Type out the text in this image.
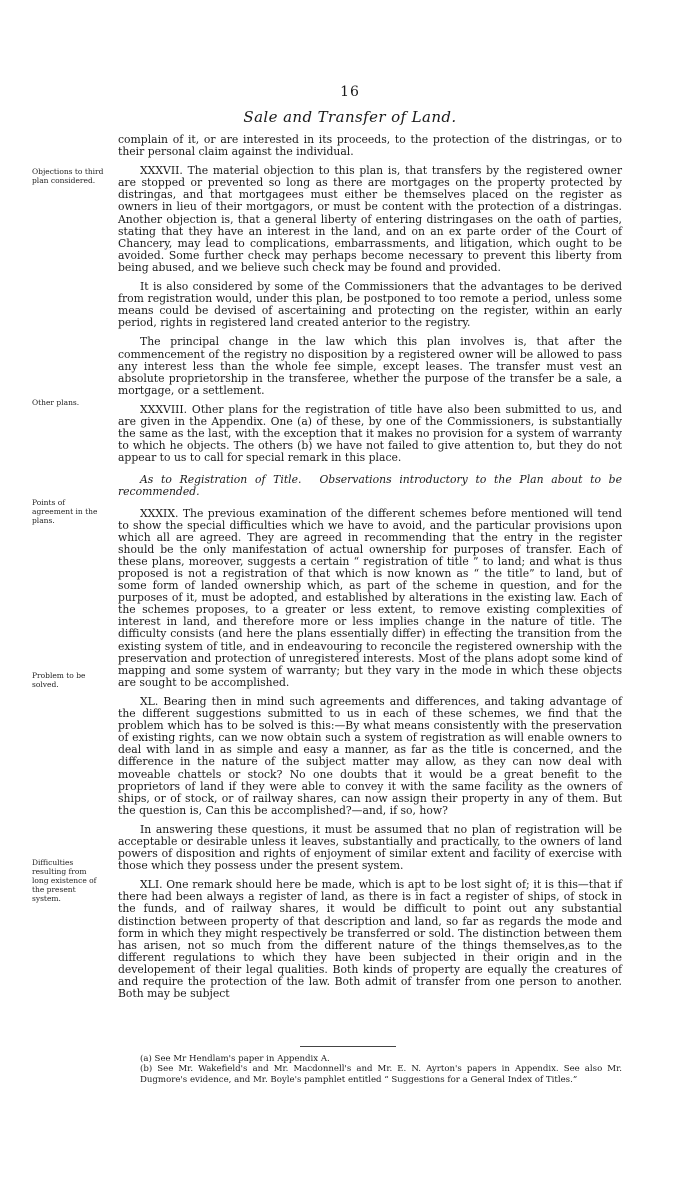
16
Sale and Transfer of Land.
Objections to third plan considered.
Other plans.
Points of agreement in the plans.
Problem to be solved.
Difficulties resulting from long existence of the present system.

complain of it, or are interested in its proceeds, to the protection of the distringas, or to their personal claim against the individual.

XXXVII. The material objection to this plan is, that transfers by the registered owner are stopped or prevented so long as there are mortgages on the property protected by distringas, and that mortgagees must either be themselves placed on the register as owners in lieu of their mortgagors, or must be content with the protection of a distringas. Another objection is, that a general liberty of entering distringases on the oath of parties, stating that they have an interest in the land, and on an ex parte order of the Court of Chancery, may lead to complications, embarrassments, and litigation, which ought to be avoided. Some further check may perhaps become necessary to prevent this liberty from being abused, and we believe such check may be found and provided.

It is also considered by some of the Commissioners that the advantages to be derived from registration would, under this plan, be postponed to too remote a period, unless some means could be devised of ascertaining and protecting on the register, within an early period, rights in registered land created anterior to the registry.

The principal change in the law which this plan involves is, that after the commencement of the registry no disposition by a registered owner will be allowed to pass any interest less than the whole fee simple, except leases. The transfer must vest an absolute proprietorship in the transferee, whether the purpose of the transfer be a sale, a mortgage, or a settlement.

XXXVIII. Other plans for the registration of title have also been submitted to us, and are given in the Appendix. One (a) of these, by one of the Commissioners, is substantially the same as the last, with the exception that it makes no provision for a system of warranty to which he objects. The others (b) we have not failed to give attention to, but they do not appear to us to call for special remark in this place.

As to Registration of Title. Observations introductory to the Plan about to be recommended.

XXXIX. The previous examination of the different schemes before mentioned will tend to show the special difficulties which we have to avoid, and the particular provisions upon which all are agreed. They are agreed in recommending that the entry in the register should be the only manifestation of actual ownership for purposes of transfer. Each of these plans, moreover, suggests a certain “ registration of title ” to land; and what is thus proposed is not a registration of that which is now known as “ the title” to land, but of some form of landed ownership which, as part of the scheme in question, and for the purposes of it, must be adopted, and established by alterations in the existing law. Each of the schemes proposes, to a greater or less extent, to remove existing complexities of interest in land, and therefore more or less implies change in the nature of title. The difficulty consists (and here the plans essentially differ) in effecting the transition from the existing system of title, and in endeavouring to reconcile the registered ownership with the preservation and protection of unregistered interests. Most of the plans adopt some kind of mapping and some system of warranty; but they vary in the mode in which these objects are sought to be accomplished.

XL. Bearing then in mind such agreements and differences, and taking advantage of the different suggestions submitted to us in each of these schemes, we find that the problem which has to be solved is this:—By what means consistently with the preservation of existing rights, can we now obtain such a system of registration as will enable owners to deal with land in as simple and easy a manner, as far as the title is concerned, and the difference in the nature of the subject matter may allow, as they can now deal with moveable chattels or stock? No one doubts that it would be a great benefit to the proprietors of land if they were able to convey it with the same facility as the owners of ships, or of stock, or of railway shares, can now assign their property in any of them. But the question is, Can this be accomplished?—and, if so, how?

In answering these questions, it must be assumed that no plan of registration will be acceptable or desirable unless it leaves, substantially and practically, to the owners of land powers of disposition and rights of enjoyment of similar extent and facility of exercise with those which they possess under the present system.

XLI. One remark should here be made, which is apt to be lost sight of; it is this—that if there had been always a register of land, as there is in fact a register of ships, of stock in the funds, and of railway shares, it would be difficult to point out any substantial distinction between property of that description and land, so far as regards the mode and form in which they might respectively be transferred or sold. The distinction between them has arisen, not so much from the different nature of the things themselves,as to the different regulations to which they have been subjected in their origin and in the developement of their legal qualities. Both kinds of property are equally the creatures of and require the protection of the law. Both admit of transfer from one person to another. Both may be subject

(a) See Mr Hendlam's paper in Appendix A.
(b) See Mr. Wakefield's and Mr. Macdonnell's and Mr. E. N. Ayrton's papers in Appendix. See also Mr. Dugmore's evidence, and Mr. Boyle's pamphlet entitled “ Suggestions for a General Index of Titles.”
